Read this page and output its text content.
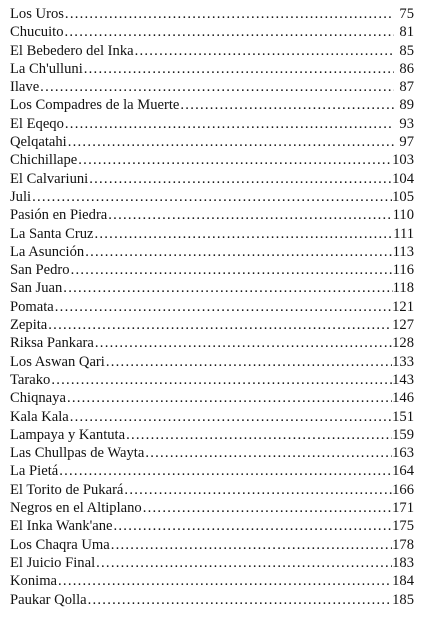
Los Uros . . .	75
Chucuito . . .	81
El Bebedero del Inka . . .	85
La Ch'ulluni . . .	86
Ilave . . .	87
Los Compadres de la Muerte . . .	89
El Eqeqo . . .	93
Qelqatahi . . .	97
Chichillape . . .	103
El Calvariuni . . .	104
Juli . . .	105
Pasión en Piedra . . .	110
La Santa Cruz . . .	111
La Asunción . . .	113
San Pedro . . .	116
San Juan . . .	118
Pomata . . .	121
Zepita . . .	127
Riksa Pankara . . .	128
Los Aswan Qari . . .	133
Tarako . . .	143
Chiqnaya . . .	146
Kala Kala . . .	151
Lampaya y Kantuta . . .	159
Las Chullpas de Wayta . . .	163
La Pietá . . .	164
El Torito de Pukará . . .	166
Negros en el Altiplano . . .	171
El Inka Wank'ane . . .	175
Los Chaqra Uma . . .	178
El Juicio Final . . .	183
Konima . . .	184
Paukar Qolla . . .	185
